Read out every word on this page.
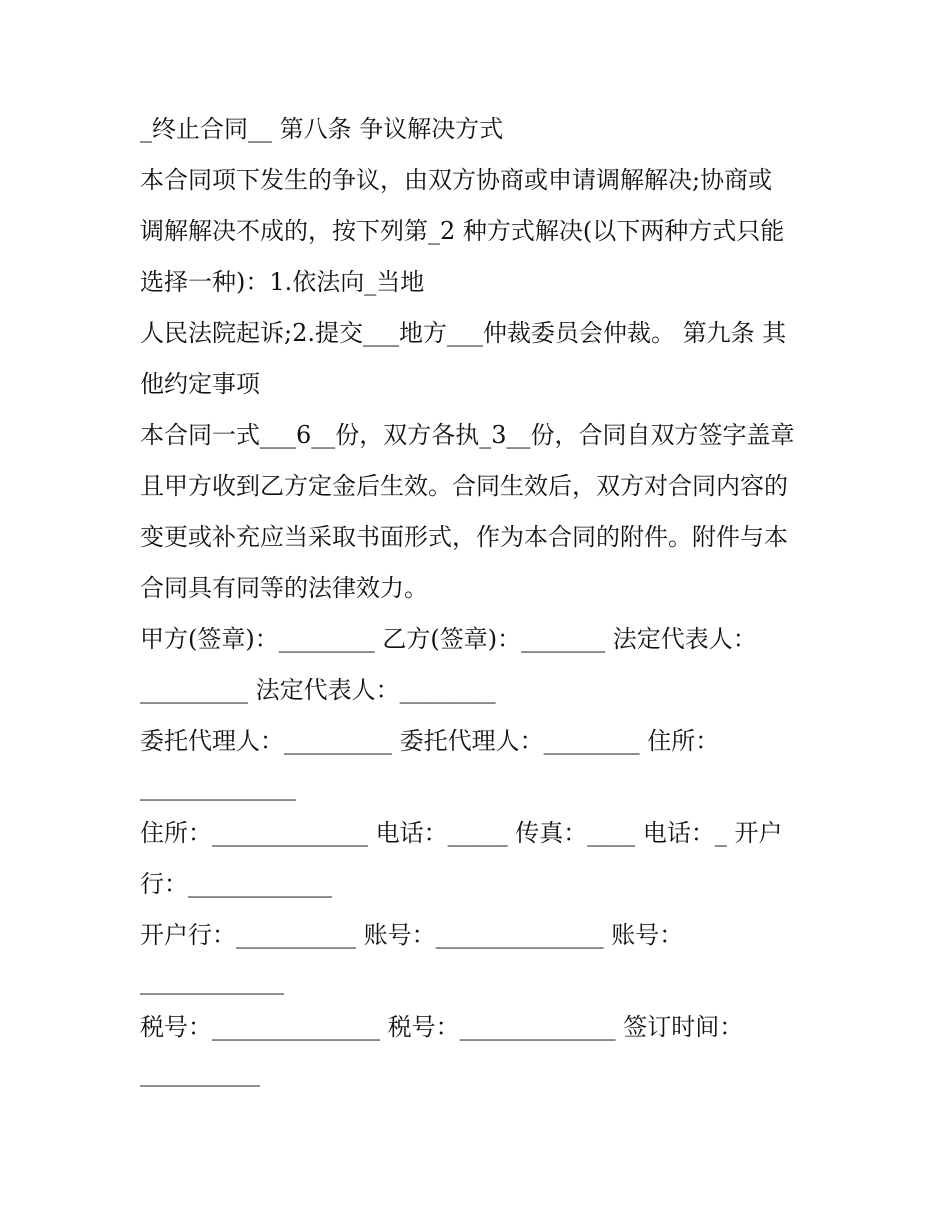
_终止合同__ 第八条 争议解决方式

本合同项下发生的争议，由双方协商或申请调解解决;协商或

调解解决不成的，按下列第_2 种方式解决(以下两种方式只能

选择一种)：1.依法向_当地

人民法院起诉;2.提交___地方___仲裁委员会仲裁。 第九条 其

他约定事项

本合同一式___6__份，双方各执_3__份，合同自双方签字盖章

且甲方收到乙方定金后生效。合同生效后，双方对合同内容的

变更或补充应当采取书面形式，作为本合同的附件。附件与本

合同具有同等的法律效力。

甲方(签章)：________ 乙方(签章)：_______ 法定代表人：

_________ 法定代表人：________

委托代理人：_________ 委托代理人：________ 住所：

_____________

住所：_____________ 电话：_____ 传真：____ 电话：_ 开户

行：____________

开户行：__________ 账号：______________ 账号：

____________

税号：______________ 税号：_____________ 签订时间：

__________
